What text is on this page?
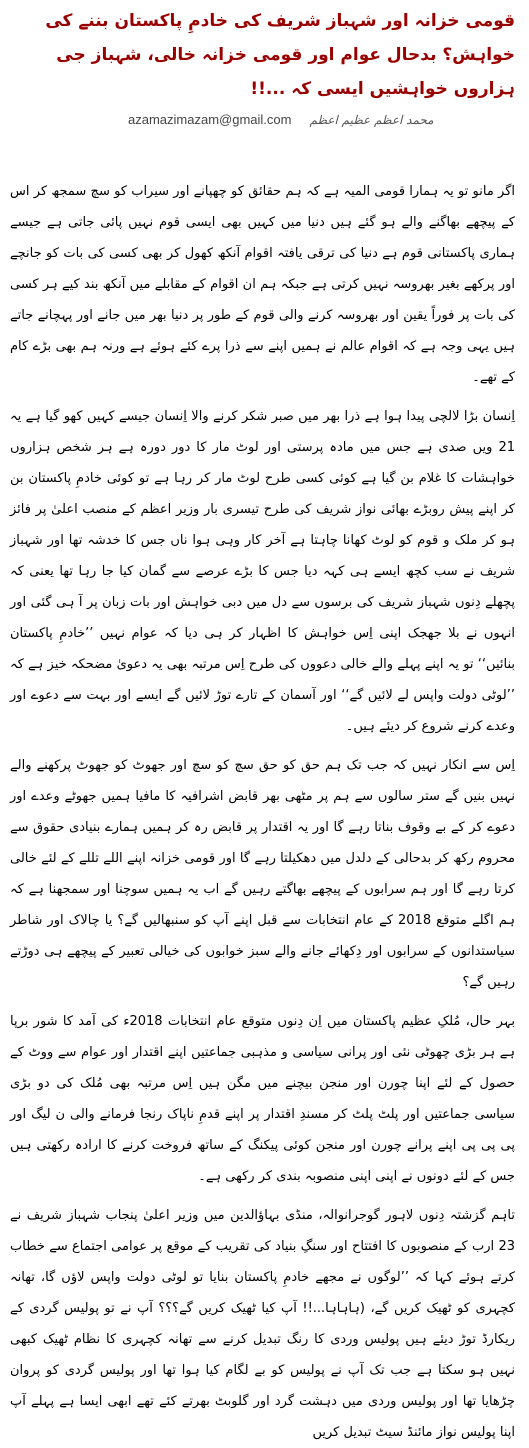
قومی خزانہ اور شہباز شریف کی خادمِ پاکستان بننے کی خواہش؟ بدحال عوام اور قومی خزانہ خالی، شہباز جی ہزاروں خواہشیں ایسی کہ ...!!
azamazimazam@gmail.com محمد اعظم عظیم اعظم

اگر مانو تو یہ ہمارا قومی المیہ ہے کہ ہم حقائق کو چھپانے اور سیراب کو سچ سمجھ کر اس کے پیچھے بھاگنے والے ہو گئے ہیں دنیا میں کہیں بھی ایسی قوم نہیں پائی جاتی ہے جیسے ہماری پاکستانی قوم ہے دنیا کی ترقی یافتہ اقوام آنکھ کھول کر بھی کسی کی بات کو جانچے اور پرکھے بغیر بھروسہ نہیں کرتی ہے جبکہ ہم ان اقوام کے مقابلے میں آنکھ بند کیے ہر کسی کی بات پر فوراً یقین اور بھروسہ کرنے والی قوم کے طور پر دنیا بھر میں جانے اور پہچانے جاتے ہیں یہی وجہ ہے کہ اقوام عالم نے ہمیں اپنے سے ذرا پرے کئے ہوئے ہے ورنہ ہم بھی بڑے کام کے تھے۔

اِنسان بڑا لالچی پیدا ہوا ہے ذرا بھر میں صبر شکر کرنے والا اِنسان جیسے کہیں کھو گیا ہے یہ 21 ویں صدی ہے جس میں مادہ پرستی اور لوٹ مار کا دور دورہ ہے ہر شخص ہزاروں خواہشات کا غلام بن گیا ہے کوئی کسی طرح لوٹ مار کر رہا ہے تو کوئی خادمِ پاکستان بن کر اپنے پیش روبڑے بھائی نواز شریف کی طرح تیسری بار وزیر اعظم کے منصب اعلیٰ پر فائز ہو کر ملک و قوم کو لوٹ کھانا چاہتا ہے آخر کار وہی ہوا ناں جس کا خدشہ تھا اور شہباز شریف نے سب کچھ ایسے ہی کہہ دیا جس کا بڑے عرصے سے گمان کیا جا رہا تھا یعنی کہ پچھلے دِنوں شہباز شریف کی برسوں سے دل میں دبی خواہش اور بات زبان پر آ ہی گئی اور انہوں نے بلا جھجک اپنی اِس خواہش کا اظہار کر ہی دیا کہ عوام نہیں ’’خادمِ پاکستان بنائیں‘‘ تو یہ اپنے پہلے والے خالی دعووں کی طرح اِس مرتبہ بھی یہ دعویٰ مضحکہ خیز ہے کہ ’’لوٹی دولت واپس لے لائیں گے‘‘ اور آسمان کے تارے توڑ لائیں گے ایسے اور بہت سے دعوے اور وعدے کرنے شروع کر دیئے ہیں۔

اِس سے انکار نہیں کہ جب تک ہم حق کو حق سچ کو سچ اور جھوٹ کو جھوٹ پرکھنے والے نہیں بنیں گے ستر سالوں سے ہم پر مٹھی بھر قابض اشرافیہ کا مافیا ہمیں جھوٹے وعدے اور دعوے کر کے بے وقوف بناتا رہے گا اور یہ اقتدار پر قابض رہ کر ہمیں ہمارے بنیادی حقوق سے محروم رکھ کر بدحالی کے دلدل میں دھکیلتا رہے گا اور قومی خزانہ اپنے اللے تللے کے لئے خالی کرتا رہے گا اور ہم سرابوں کے پیچھے بھاگتے رہیں گے اب یہ ہمیں سوچنا اور سمجھنا ہے کہ ہم اگلے متوقع 2018 کے عام انتخابات سے قبل اپنے آپ کو سنبھالیں گے؟ یا چالاک اور شاطر سیاستدانوں کے سرابوں اور دِکھائے جانے والے سبز خوابوں کی خیالی تعبیر کے پیچھے ہی دوڑتے رہیں گے؟

بہر حال، مُلکِ عظیم پاکستان میں اِن دِنوں متوقع عام انتخابات 2018ء کی آمد کا شور برپا ہے ہر بڑی چھوٹی نئی اور پرانی سیاسی و مذہبی جماعتیں اپنے اقتدار اور عوام سے ووٹ کے حصول کے لئے اپنا چورن اور منجن بیچنے میں مگن ہیں اِس مرتبہ بھی مُلک کی دو بڑی سیاسی جماعتیں اور پلٹ پلٹ کر مسندِ اقتدار پر اپنے قدمِ ناپاک رنجا فرمانے والی ن لیگ اور پی پی پی اپنے پرانے چورن اور منجن کوئی پیکنگ کے ساتھ فروخت کرنے کا ارادہ رکھتی ہیں جس کے لئے دونوں نے اپنی اپنی منصوبہ بندی کر رکھی ہے۔

تاہم گزشتہ دِنوں لاہور گوجرانوالہ، منڈی بہاؤالدین میں وزیر اعلیٰ پنجاب شہباز شریف نے 23 ارب کے منصوبوں کا افتتاح اور سنگِ بنیاد کی تقریب کے موقع پر عوامی اجتماع سے خطاب کرتے ہوئے کہا کہ ’’لوگوں نے مجھے خادمِ پاکستان بنایا تو لوٹی دولت واپس لاؤں گا، تھانہ کچہری کو ٹھیک کریں گے، (ہاہاہا...!! آپ کیا ٹھیک کریں گے؟؟؟ آپ نے تو پولیس گردی کے ریکارڈ توڑ دیئے ہیں پولیس وردی کا رنگ تبدیل کرنے سے تھانہ کچہری کا نظام ٹھیک کبھی نہیں ہو سکتا ہے جب تک آپ نے پولیس کو بے لگام کیا ہوا تھا اور پولیس گردی کو پروان چڑھایا تھا اور پولیس وردی میں دہشت گرد اور گلوبٹ بھرتے کئے تھے ابھی ایسا ہے پہلے آپ اپنا پولیس نواز مائنڈ سیٹ تبدیل کریں
